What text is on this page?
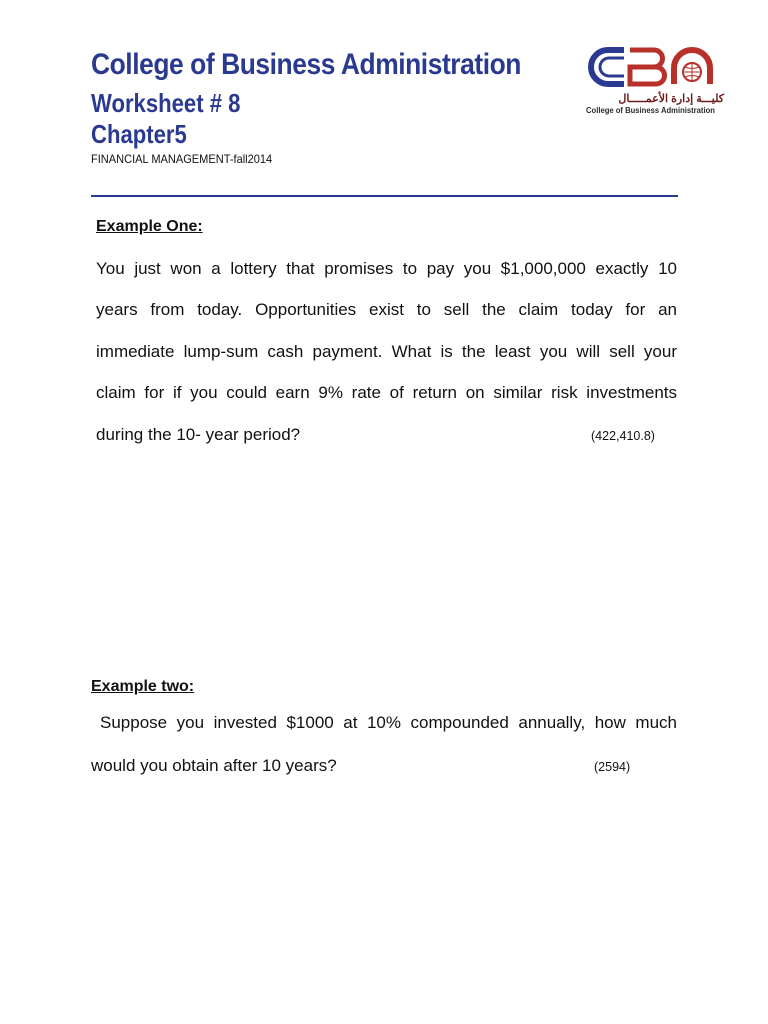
College of Business Administration
Worksheet # 8
Chapter5
FINANCIAL MANAGEMENT-fall2014
كليـــة إدارة الأعمـــــال
College of Business Administration
Example One:
You just won a lottery that promises to pay you $1,000,000 exactly 10
years from today. Opportunities exist to sell the claim today for an
immediate lump-sum cash payment. What is the least you will sell your
claim for if you could earn 9% rate of return on similar risk investments
during the 10- year period?	(422,410.8)
Example two:
Suppose you invested $1000 at 10% compounded annually, how much
would you obtain after 10 years?	(2594)
